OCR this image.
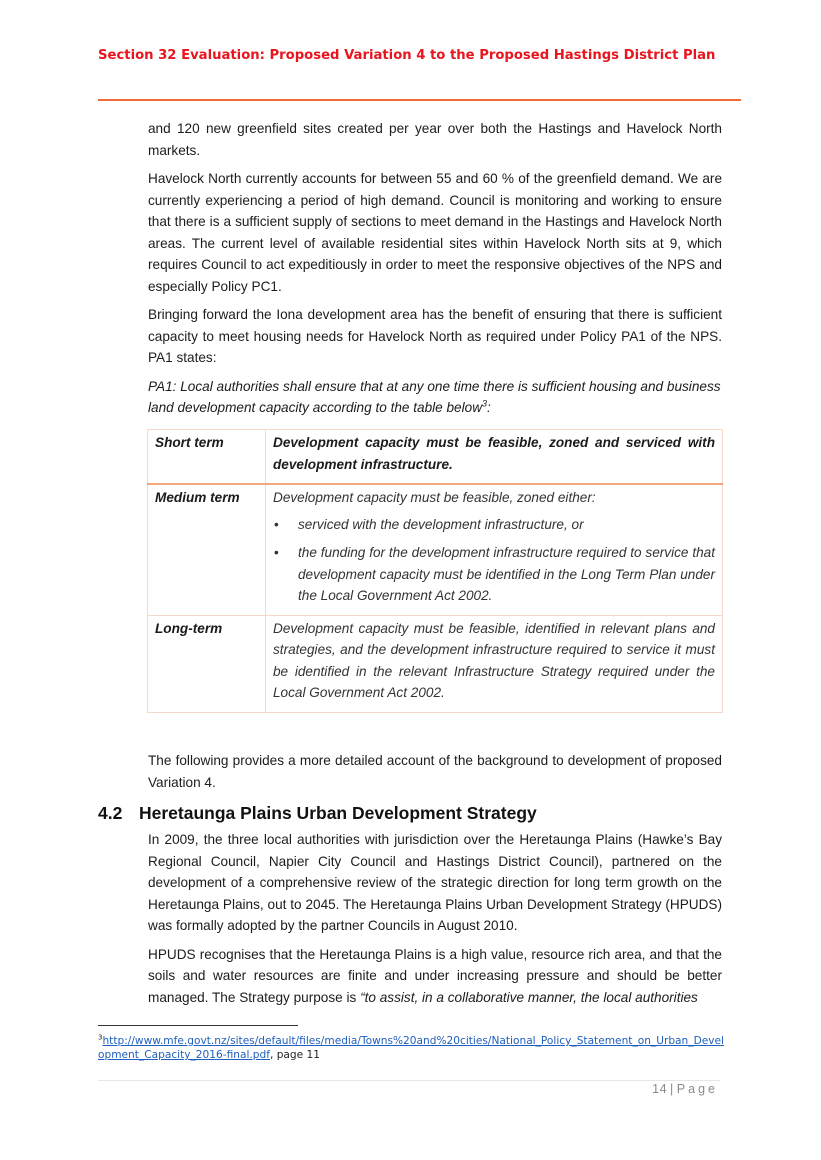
Section 32 Evaluation: Proposed Variation 4 to the Proposed Hastings District Plan

and 120 new greenfield sites created per year over both the Hastings and Havelock North markets.

Havelock North currently accounts for between 55 and 60 % of the greenfield demand. We are currently experiencing a period of high demand. Council is monitoring and working to ensure that there is a sufficient supply of sections to meet demand in the Hastings and Havelock North areas. The current level of available residential sites within Havelock North sits at 9, which requires Council to act expeditiously in order to meet the responsive objectives of the NPS and especially Policy PC1.

Bringing forward the Iona development area has the benefit of ensuring that there is sufficient capacity to meet housing needs for Havelock North as required under Policy PA1 of the NPS. PA1 states:

PA1: Local authorities shall ensure that at any one time there is sufficient housing and business land development capacity according to the table below$^3$:

Short term	Development capacity must be feasible, zoned and serviced with development infrastructure.
Medium term	Development capacity must be feasible, zoned either:
• serviced with the development infrastructure, or
• the funding for the development infrastructure required to service that development capacity must be identified in the Long Term Plan under the Local Government Act 2002.

Long-term	Development capacity must be feasible, identified in relevant plans and strategies, and the development infrastructure required to service it must be identified in the relevant Infrastructure Strategy required under the Local Government Act 2002.

The following provides a more detailed account of the background to development of proposed Variation 4.

4.2 Heretaunga Plains Urban Development Strategy

In 2009, the three local authorities with jurisdiction over the Heretaunga Plains (Hawke’s Bay Regional Council, Napier City Council and Hastings District Council), partnered on the development of a comprehensive review of the strategic direction for long term growth on the Heretaunga Plains, out to 2045. The Heretaunga Plains Urban Development Strategy (HPUDS) was formally adopted by the partner Councils in August 2010.

HPUDS recognises that the Heretaunga Plains is a high value, resource rich area, and that the soils and water resources are finite and under increasing pressure and should be better managed. The Strategy purpose is “to assist, in a collaborative manner, the local authorities

$^3$http://www.mfe.govt.nz/sites/default/files/media/Towns%20and%20cities/National_Policy_Statement_on_Urban_Development_Capacity_2016-final.pdf, page 11
14 | Page
